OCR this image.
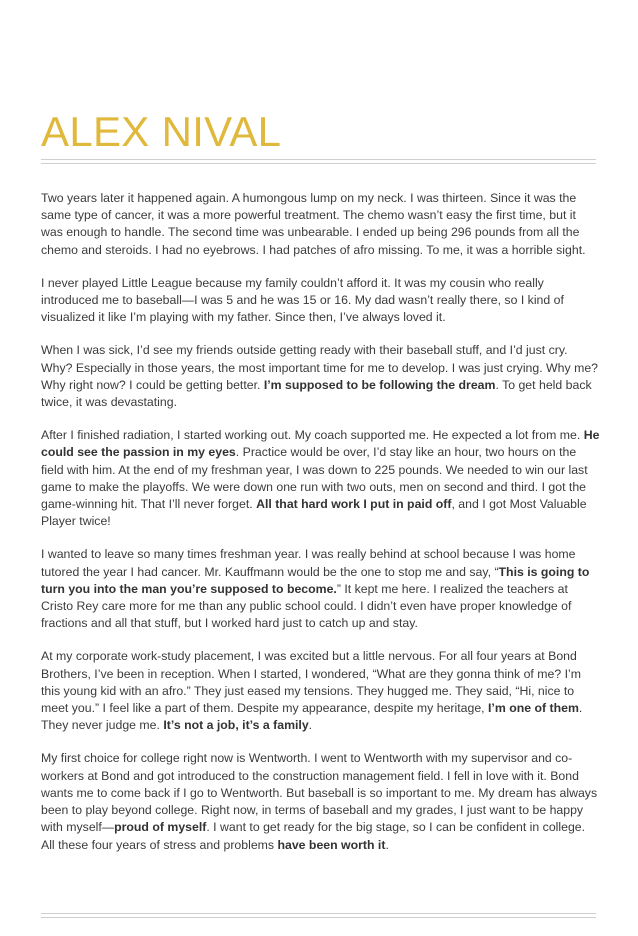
ALEX NIVAL

Two years later it happened again. A humongous lump on my neck. I was thirteen. Since it was the same type of cancer, it was a more powerful treatment. The chemo wasn’t easy the first time, but it was enough to handle. The second time was unbearable. I ended up being 296 pounds from all the chemo and steroids. I had no eyebrows. I had patches of afro missing. To me, it was a horrible sight.

I never played Little League because my family couldn’t afford it. It was my cousin who really introduced me to baseball—I was 5 and he was 15 or 16. My dad wasn’t really there, so I kind of visualized it like I’m playing with my father. Since then, I’ve always loved it.

When I was sick, I’d see my friends outside getting ready with their baseball stuff, and I’d just cry. Why? Especially in those years, the most important time for me to develop. I was just crying. Why me? Why right now? I could be getting better. I’m supposed to be following the dream. To get held back twice, it was devastating.

After I finished radiation, I started working out. My coach supported me. He expected a lot from me. He could see the passion in my eyes. Practice would be over, I’d stay like an hour, two hours on the field with him. At the end of my freshman year, I was down to 225 pounds. We needed to win our last game to make the playoffs. We were down one run with two outs, men on second and third. I got the game-winning hit. That I’ll never forget. All that hard work I put in paid off, and I got Most Valuable Player twice!

I wanted to leave so many times freshman year. I was really behind at school because I was home tutored the year I had cancer. Mr. Kauffmann would be the one to stop me and say, “This is going to turn you into the man you’re supposed to become.” It kept me here. I realized the teachers at Cristo Rey care more for me than any public school could. I didn’t even have proper knowledge of fractions and all that stuff, but I worked hard just to catch up and stay.

At my corporate work-study placement, I was excited but a little nervous. For all four years at Bond Brothers, I’ve been in reception. When I started, I wondered, “What are they gonna think of me? I’m this young kid with an afro.” They just eased my tensions. They hugged me. They said, “Hi, nice to meet you.” I feel like a part of them. Despite my appearance, despite my heritage, I’m one of them. They never judge me. It’s not a job, it’s a family.

My first choice for college right now is Wentworth. I went to Wentworth with my supervisor and co-workers at Bond and got introduced to the construction management field. I fell in love with it. Bond wants me to come back if I go to Wentworth. But baseball is so important to me. My dream has always been to play beyond college. Right now, in terms of baseball and my grades, I just want to be happy with myself—proud of myself. I want to get ready for the big stage, so I can be confident in college. All these four years of stress and problems have been worth it.
